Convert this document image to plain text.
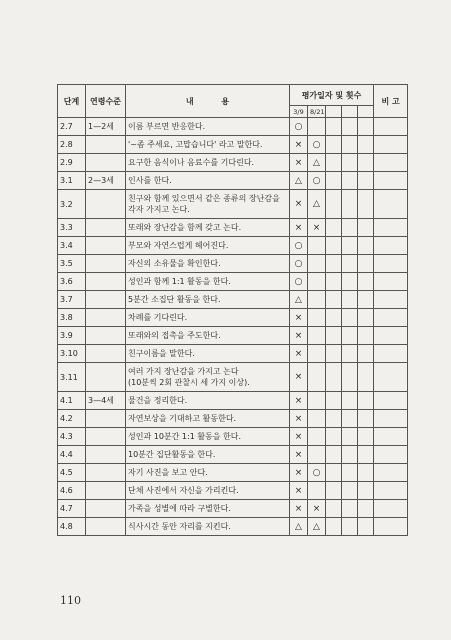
단계	연령수준	내          용	평가일자 및 횟수					비 고
			3/9	8/21				
2.7	1—2세	이름 부르면 반응한다.	○					
2.8		'~좀 주세요, 고맙습니다' 라고 말한다.	×	○				
2.9		요구한 음식이나 음료수를 기다린다.	×	△				
3.1	2—3세	인사를 한다.	△	○				
3.2		친구와 함께 있으면서 같은 종류의 장난감을
각자 가지고 논다.	×	△				
3.3		또래와 장난감을 함께 갖고 논다.	×	×				
3.4		부모와 자연스럽게 헤어진다.	○					
3.5		자신의 소유물을 확인한다.	○					
3.6		성인과 함께 1:1 활동을 한다.	○					
3.7		5분간 소집단 활동을 한다.	△					
3.8		차례를 기다린다.	×					
3.9		또래와의 접촉을 주도한다.	×					
3.10		친구이름을 말한다.	×					
3.11		여러 가지 장난감을 가지고 논다
(10분씩 2회 관찰시 세 가지 이상).	×					
4.1	3—4세	물건을 정리한다.	×					
4.2		자연보상을 기대하고 활동한다.	×					
4.3		성인과 10분간 1:1 활동을 한다.	×					
4.4		10분간 집단활동을 한다.	×					
4.5		자기 사진을 보고 안다.	×	○				
4.6		단체 사진에서 자신을 가리킨다.	×					
4.7		가족을 성별에 따라 구별한다.	×	×				
4.8		식사시간 동안 자리를 지킨다.	△	△				
110
